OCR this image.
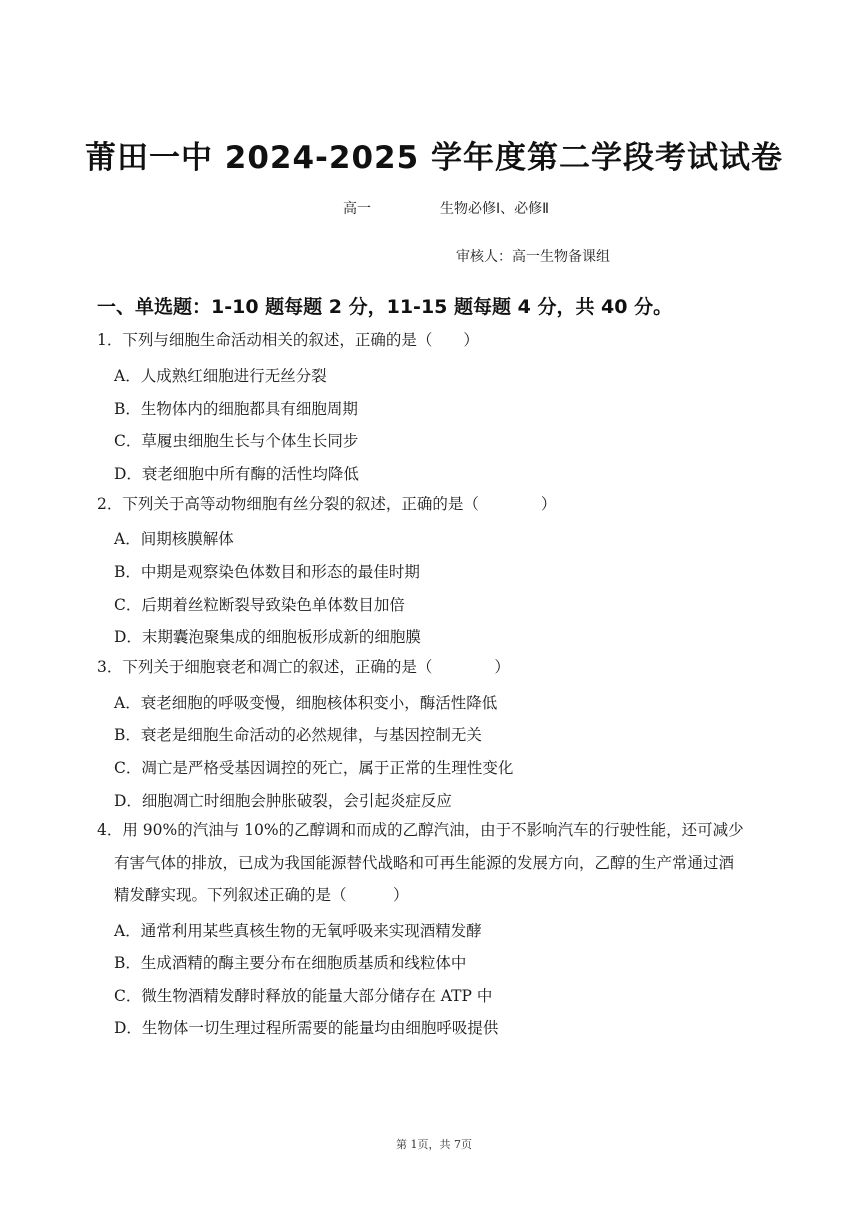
莆田一中 2024-2025 学年度第二学段考试试卷
高一	生物必修Ⅰ、必修Ⅱ
审核人：高一生物备课组
一、单选题：1-10 题每题 2 分，11-15 题每题 4 分，共 40 分。
1．下列与细胞生命活动相关的叙述，正确的是（　　）
A．人成熟红细胞进行无丝分裂
B．生物体内的细胞都具有细胞周期
C．草履虫细胞生长与个体生长同步
D．衰老细胞中所有酶的活性均降低
2．下列关于高等动物细胞有丝分裂的叙述，正确的是（　　　　）
A．间期核膜解体
B．中期是观察染色体数目和形态的最佳时期
C．后期着丝粒断裂导致染色单体数目加倍
D．末期囊泡聚集成的细胞板形成新的细胞膜
3．下列关于细胞衰老和凋亡的叙述，正确的是（　　　　）
A．衰老细胞的呼吸变慢，细胞核体积变小，酶活性降低
B．衰老是细胞生命活动的必然规律，与基因控制无关
C．凋亡是严格受基因调控的死亡，属于正常的生理性变化
D．细胞凋亡时细胞会肿胀破裂，会引起炎症反应
4．用 90%的汽油与 10%的乙醇调和而成的乙醇汽油，由于不影响汽车的行驶性能，还可减少
有害气体的排放，已成为我国能源替代战略和可再生能源的发展方向，乙醇的生产常通过酒
精发酵实现。下列叙述正确的是（　　　）
A．通常利用某些真核生物的无氧呼吸来实现酒精发酵
B．生成酒精的酶主要分布在细胞质基质和线粒体中
C．微生物酒精发酵时释放的能量大部分储存在 ATP 中
D．生物体一切生理过程所需要的能量均由细胞呼吸提供
第 1页，共 7页
